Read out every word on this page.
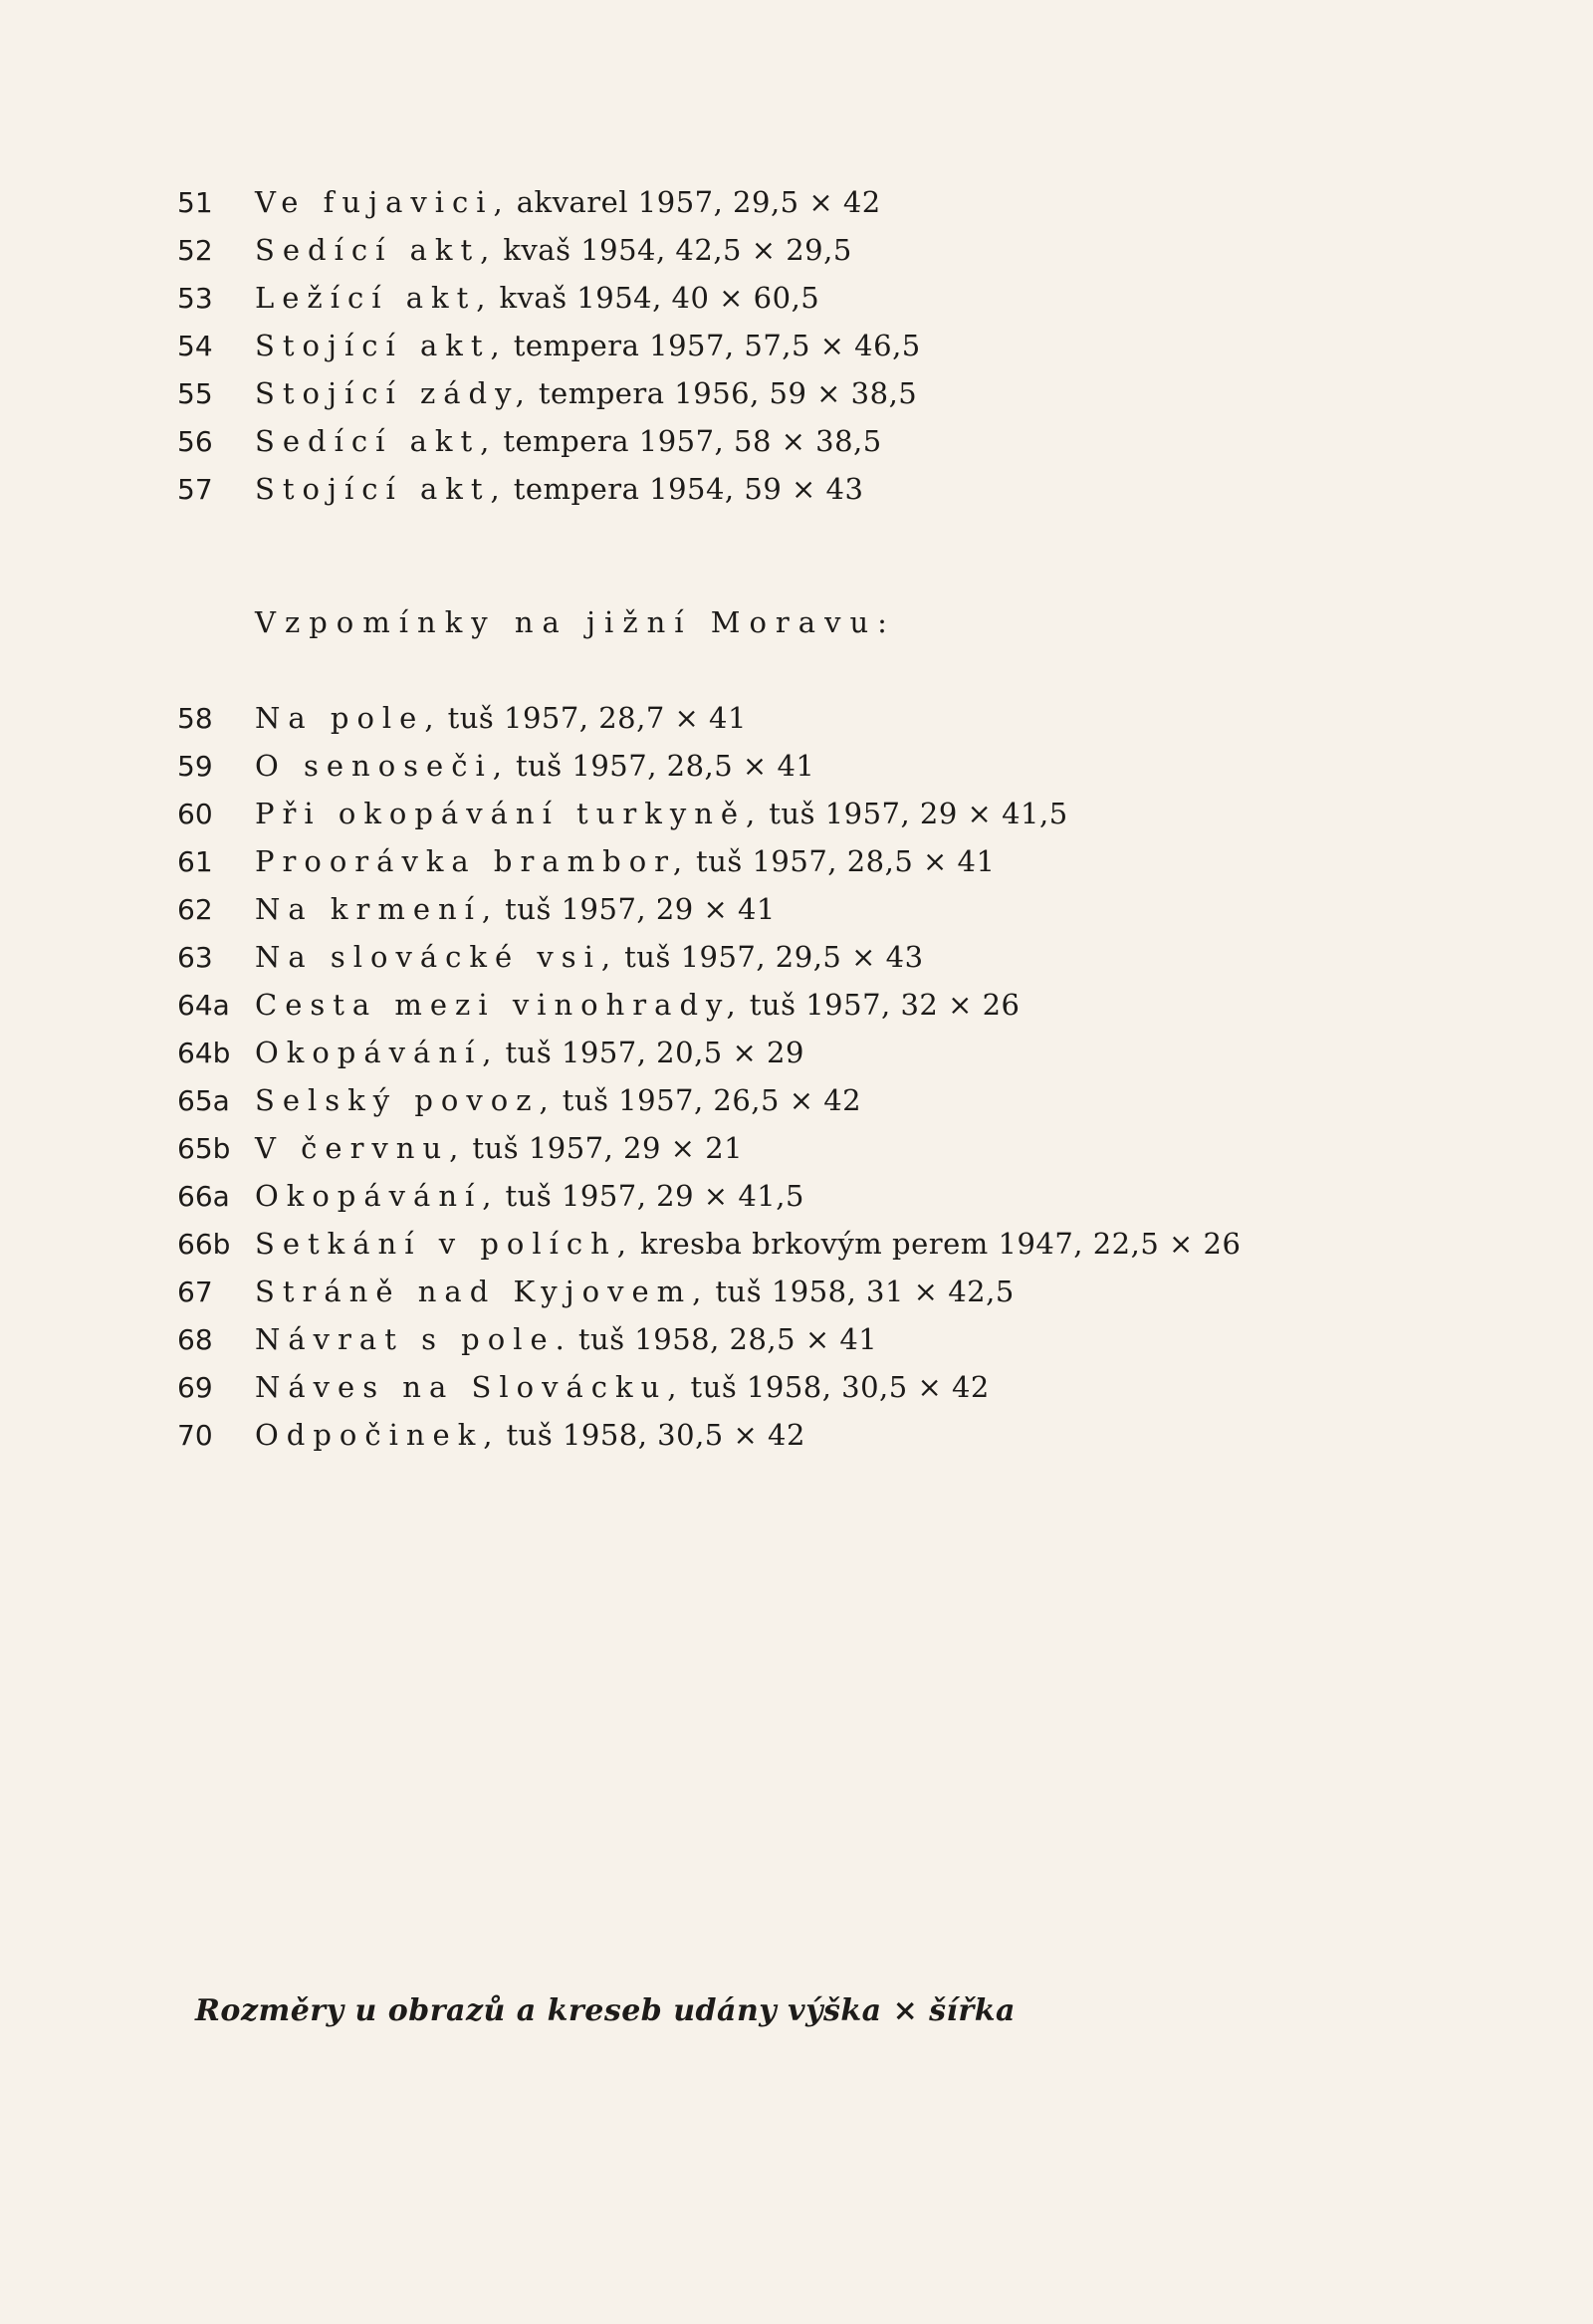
51	Ve fujavici, akvarel 1957, 29,5 × 42
52	Sedící akt, kvaš 1954, 42,5 × 29,5
53	Ležící akt, kvaš 1954, 40 × 60,5
54	Stojící akt, tempera 1957, 57,5 × 46,5
55	Stojící zády, tempera 1956, 59 × 38,5
56	Sedící akt, tempera 1957, 58 × 38,5
57	Stojící akt, tempera 1954, 59 × 43
Vzpomínky na jižní Moravu:
58	Na pole, tuš 1957, 28,7 × 41
59	O senoseči, tuš 1957, 28,5 × 41
60	Při okopávání turkyně, tuš 1957, 29 × 41,5
61	Proorávka brambor, tuš 1957, 28,5 × 41
62	Na krmení, tuš 1957, 29 × 41
63	Na slovácké vsi, tuš 1957, 29,5 × 43
64a Cesta mezi vinohrady, tuš 1957, 32 × 26
64b Okopávání, tuš 1957, 20,5 × 29
65a Selský povoz, tuš 1957, 26,5 × 42
65b V červnu, tuš 1957, 29 × 21
66a Okopávání, tuš 1957, 29 × 41,5
66b Setkání v polích, kresba brkovým perem 1947, 22,5 × 26
67	Stráně nad Kyjovem, tuš 1958, 31 × 42,5
68	Návrat s pole. tuš 1958, 28,5 × 41
69	Náves na Slovácku, tuš 1958, 30,5 × 42
70	Odpočinek, tuš 1958, 30,5 × 42
Rozměry u obrazů a kreseb udány výška × šířka
